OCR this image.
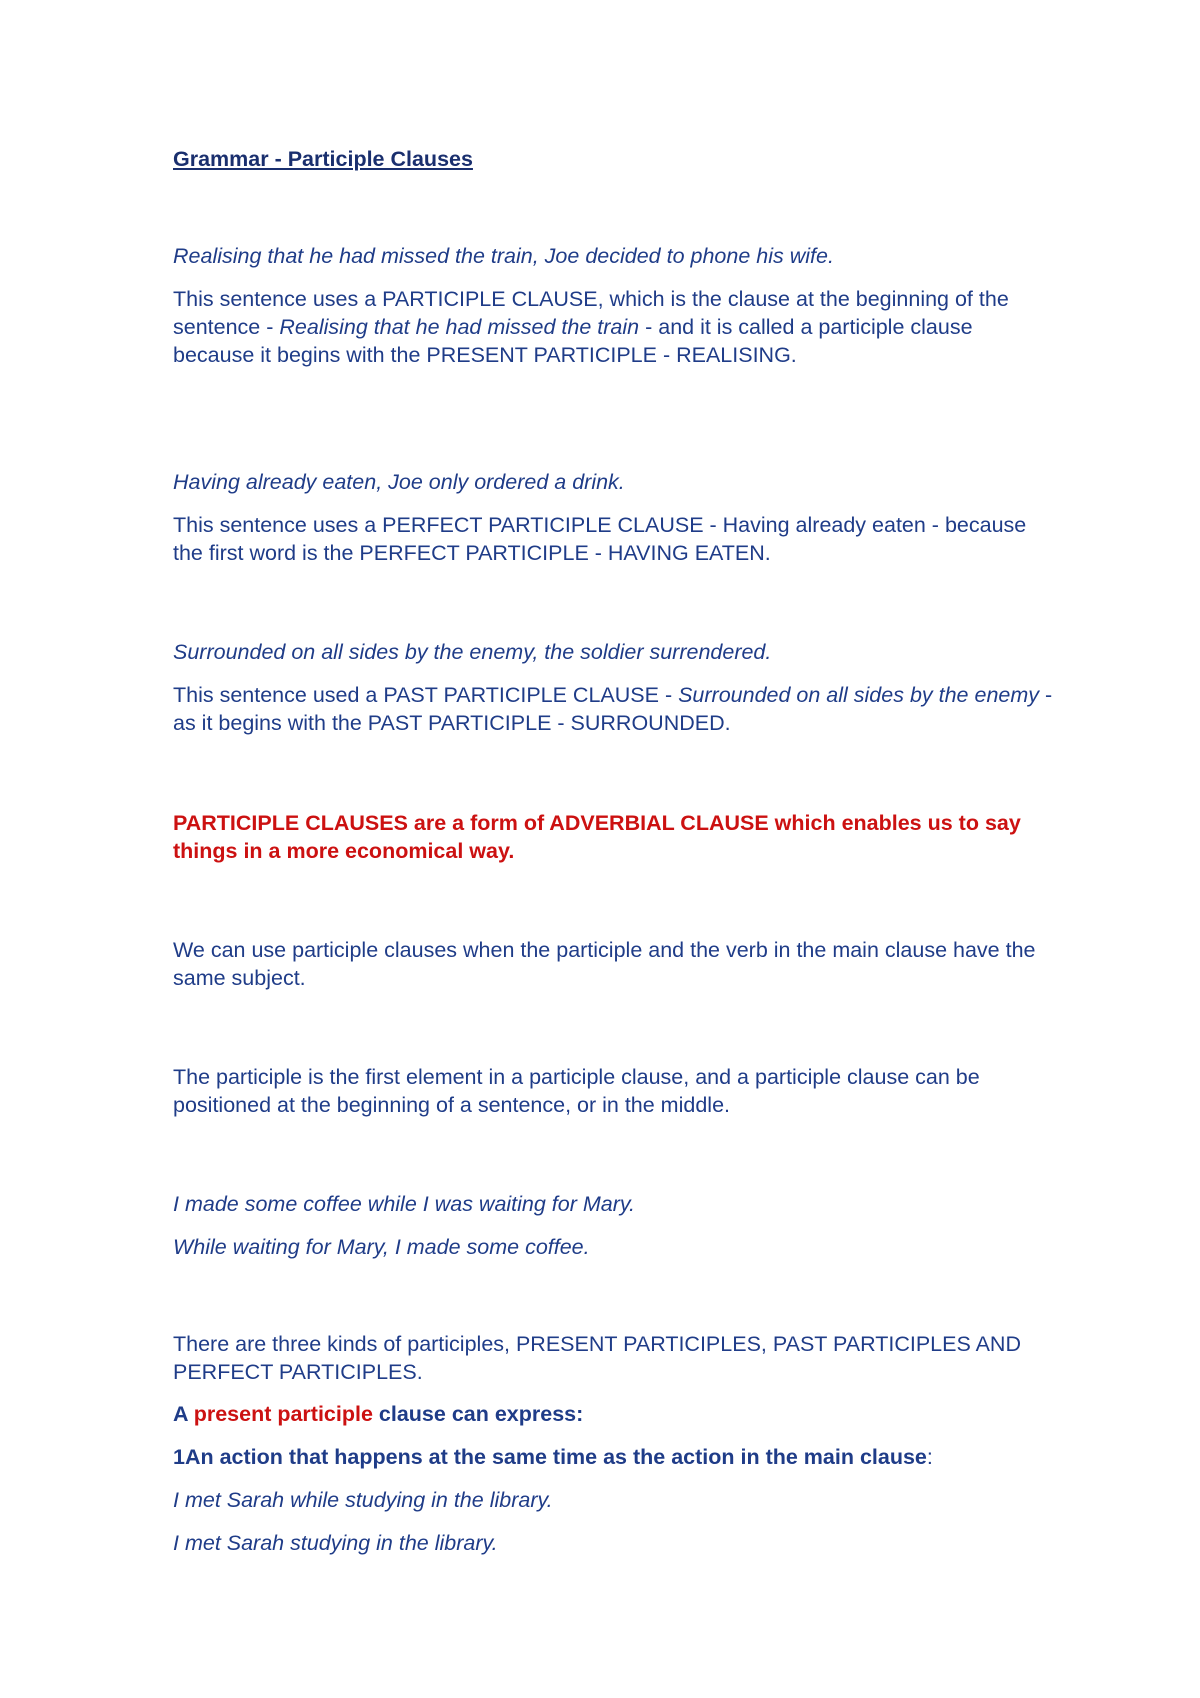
Grammar - Participle Clauses

Realising that he had missed the train, Joe decided to phone his wife.

This sentence uses a PARTICIPLE CLAUSE, which is the clause at the beginning of the sentence - Realising that he had missed the train - and it is called a participle clause because it begins with the PRESENT PARTICIPLE - REALISING.

Having already eaten, Joe only ordered a drink.

This sentence uses a PERFECT PARTICIPLE CLAUSE - Having already eaten - because the first word is the PERFECT PARTICIPLE - HAVING EATEN.

Surrounded on all sides by the enemy, the soldier surrendered.

This sentence used a PAST PARTICIPLE CLAUSE - Surrounded on all sides by the enemy - as it begins with the PAST PARTICIPLE - SURROUNDED.

PARTICIPLE CLAUSES are a form of ADVERBIAL CLAUSE which enables us to say things in a more economical way.

We can use participle clauses when the participle and the verb in the main clause have the same subject.

The participle is the first element in a participle clause, and a participle clause can be positioned at the beginning of a sentence, or in the middle.

I made some coffee while I was waiting for Mary.

While waiting for Mary, I made some coffee.

There are three kinds of participles, PRESENT PARTICIPLES, PAST PARTICIPLES AND PERFECT PARTICIPLES.

A present participle clause can express:

1An action that happens at the same time as the action in the main clause:

I met Sarah while studying in the library.

I met Sarah studying in the library.
